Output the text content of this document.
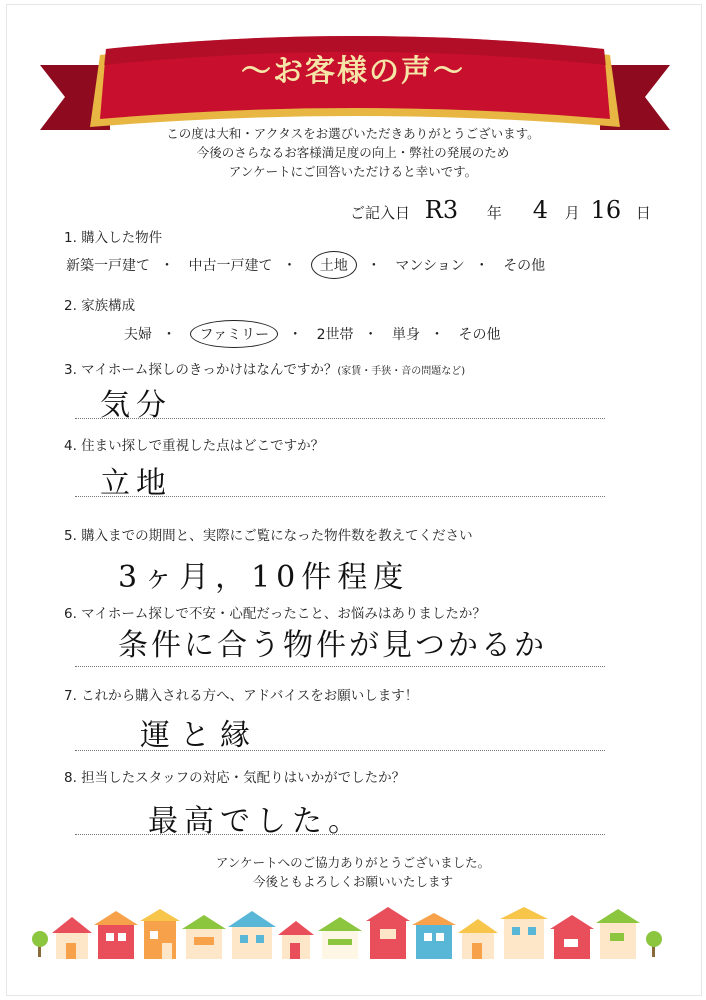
～お客様の声～
この度は大和・アクタスをお選びいただきありがとうございます。
今後のさらなるお客様満足度の向上・弊社の発展のため
アンケートにご回答いただけると幸いです。
ご記入日 R3 年 4 月 16 日
1. 購入した物件
新築一戸建て ・ 中古一戸建て ・ 土地 ・ マンション ・ その他
2. 家族構成
夫婦 ・ ファミリー ・ 2世帯 ・ 単身 ・ その他
3. マイホーム探しのきっかけはなんですか？(家賃・手狭・音の問題など)
気分
4. 住まい探しで重視した点はどこですか？
立地
5. 購入までの期間と、実際にご覧になった物件数を教えてください
3ヶ月，10件程度
6. マイホーム探しで不安・心配だったこと、お悩みはありましたか？
条件に合う物件が見つかるか
7. これから購入される方へ、アドバイスをお願いします！
運と縁
8. 担当したスタッフの対応・気配りはいかがでしたか？
最高でした。
アンケートへのご協力ありがとうございました。
今後ともよろしくお願いいたします
